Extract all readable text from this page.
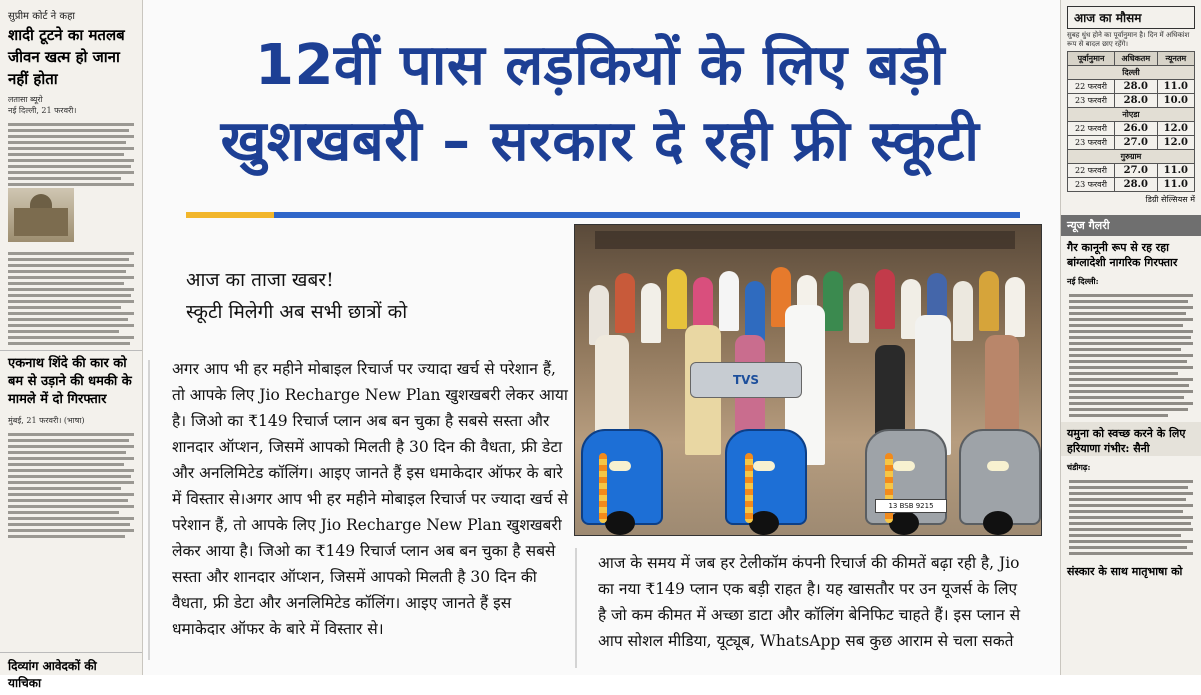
सुप्रीम कोर्ट ने कहा
शादी टूटने का मतलब जीवन खत्म हो जाना नहीं होता
लतासा ब्यूरो
नई दिल्ली, 21 फरवरी।
एकनाथ शिंदे की कार को बम से उड़ाने की धमकी के मामले में दो गिरफ्तार
मुंबई, 21 फरवरी। (भाषा)
दिव्यांग आवेदकों की याचिका
आज का मौसम
सुबह धुंध होने का पूर्वानुमान है। दिन में अधिकांश रूप से बादल छाए रहेंगे।
पूर्वानुमान	अधिकतम	न्यूनतम
दिल्ली		
22 फरवरी	28.0	11.0
23 फरवरी	28.0	10.0
नोएडा		
22 फरवरी	26.0	12.0
23 फरवरी	27.0	12.0
गुरुग्राम		
22 फरवरी	27.0	11.0
23 फरवरी	28.0	11.0
डिग्री सेल्सियस में
न्यूज गैलरी
गैर कानूनी रूप से रह रहा बांग्लादेशी नागरिक गिरफ्तार
नई दिल्ली:
यमुना को स्वच्छ करने के लिए हरियाणा गंभीर: सैनी
चंडीगढ़:
संस्कार के साथ मातृभाषा को
12वीं पास लड़कियों के लिए बड़ी
खुशखबरी – सरकार दे रही फ्री स्कूटी
आज का ताजा खबर!
स्कूटी मिलेगी अब सभी छात्रों को
अगर आप भी हर महीने मोबाइल रिचार्ज पर ज्यादा खर्च से परेशान हैं, तो आपके लिए Jio Recharge New Plan खुशखबरी लेकर आया है। जिओ का ₹149 रिचार्ज प्लान अब बन चुका है सबसे सस्ता और शानदार ऑप्शन, जिसमें आपको मिलती है 30 दिन की वैधता, फ्री डेटा और अनलिमिटेड कॉलिंग। आइए जानते हैं इस धमाकेदार ऑफर के बारे में विस्तार से।अगर आप भी हर महीने मोबाइल रिचार्ज पर ज्यादा खर्च से परेशान हैं, तो आपके लिए Jio Recharge New Plan खुशखबरी लेकर आया है। जिओ का ₹149 रिचार्ज प्लान अब बन चुका है सबसे सस्ता और शानदार ऑप्शन, जिसमें आपको मिलती है 30 दिन की वैधता, फ्री डेटा और अनलिमिटेड कॉलिंग। आइए जानते हैं इस धमाकेदार ऑफर के बारे में विस्तार से।
आज के समय में जब हर टेलीकॉम कंपनी रिचार्ज की कीमतें बढ़ा रही है, Jio का नया ₹149 प्लान एक बड़ी राहत है। यह खासतौर पर उन यूजर्स के लिए है जो कम कीमत में अच्छा डाटा और कॉलिंग बेनिफिट चाहते हैं। इस प्लान से आप सोशल मीडिया, यूट्यूब, WhatsApp सब कुछ आराम से चला सकते
13 BSB 9215
TVS
